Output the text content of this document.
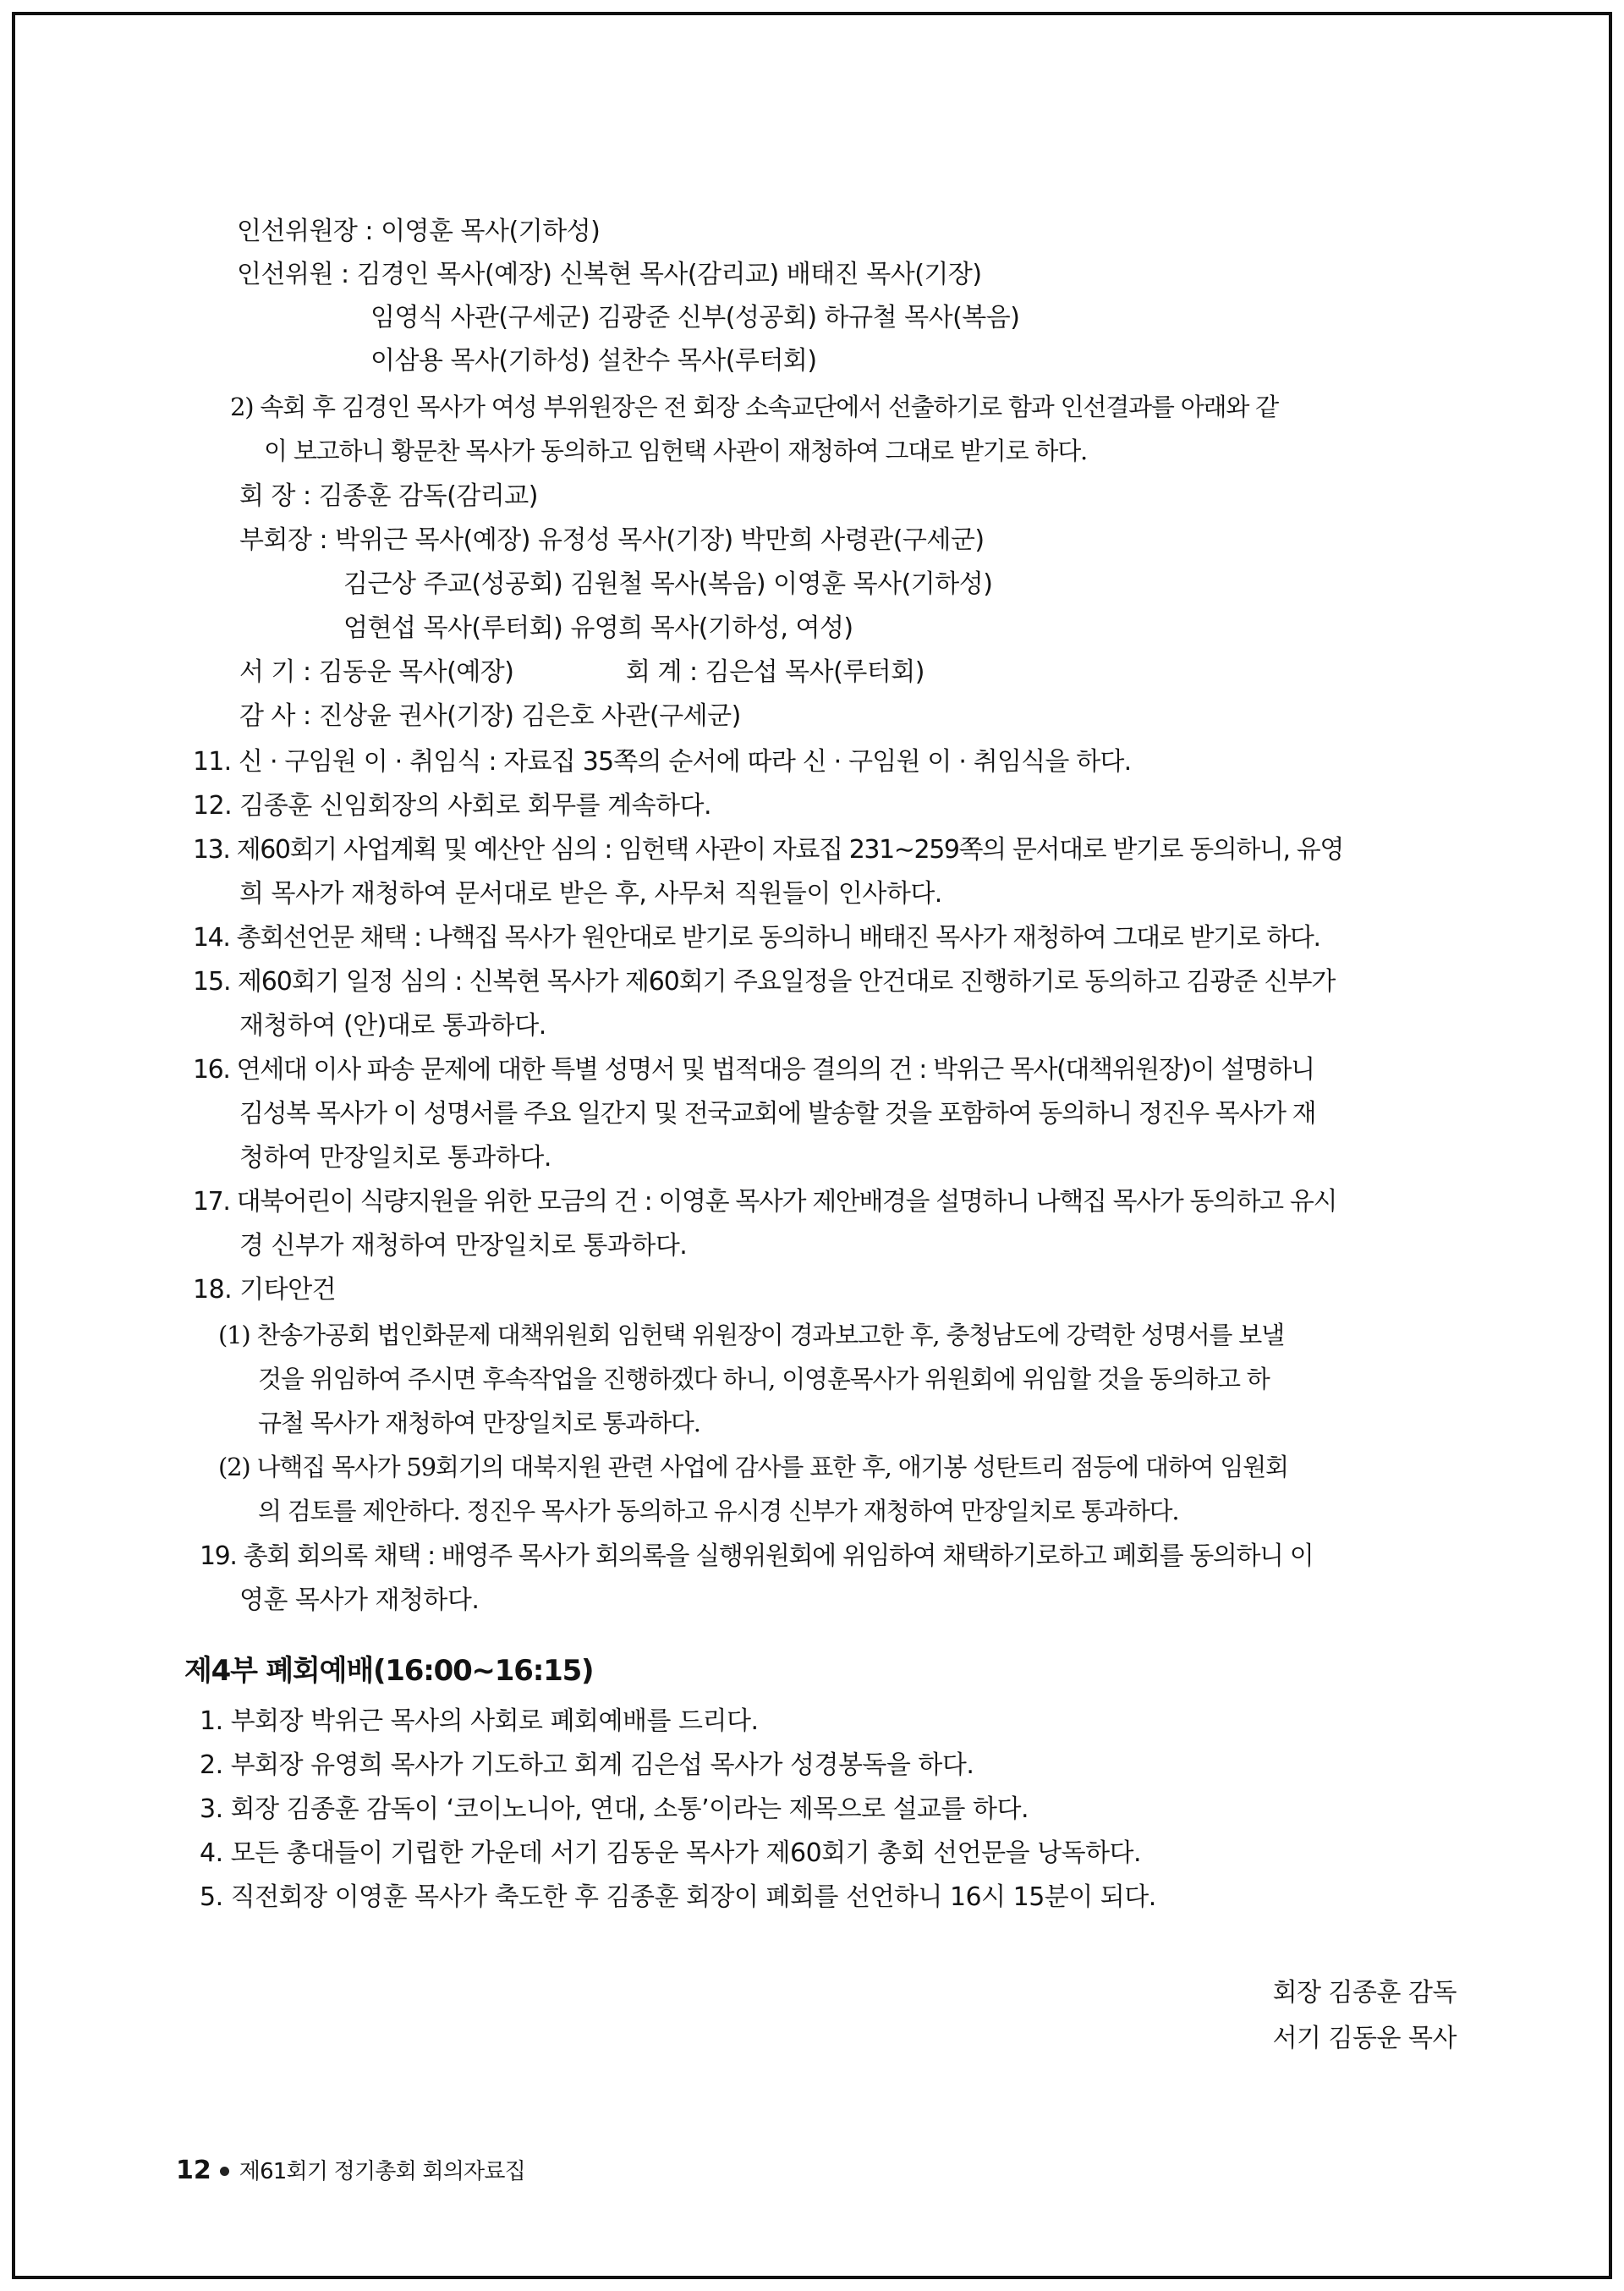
인선위원장 : 이영훈 목사(기하성)
인선위원 : 김경인 목사(예장) 신복현 목사(감리교) 배태진 목사(기장)
임영식 사관(구세군) 김광준 신부(성공회) 하규철 목사(복음)
이삼용 목사(기하성) 설찬수 목사(루터회)
2) 속회 후 김경인 목사가 여성 부위원장은 전 회장 소속교단에서 선출하기로 함과 인선결과를 아래와 같
이 보고하니 황문찬 목사가 동의하고 임헌택 사관이 재청하여 그대로 받기로 하다.
회 장 : 김종훈 감독(감리교)
부회장 : 박위근 목사(예장) 유정성 목사(기장) 박만희 사령관(구세군)
김근상 주교(성공회) 김원철 목사(복음) 이영훈 목사(기하성)
엄현섭 목사(루터회) 유영희 목사(기하성, 여성)
서 기 : 김동운 목사(예장)	회 계 : 김은섭 목사(루터회)
감 사 : 진상윤 권사(기장) 김은호 사관(구세군)
11. 신 · 구임원 이 · 취임식 : 자료집 35쪽의 순서에 따라 신 · 구임원 이 · 취임식을 하다.
12. 김종훈 신임회장의 사회로 회무를 계속하다.
13. 제60회기 사업계획 및 예산안 심의 : 임헌택 사관이 자료집 231∼259쪽의 문서대로 받기로 동의하니, 유영
희 목사가 재청하여 문서대로 받은 후, 사무처 직원들이 인사하다.
14. 총회선언문 채택 : 나핵집 목사가 원안대로 받기로 동의하니 배태진 목사가 재청하여 그대로 받기로 하다.
15. 제60회기 일정 심의 : 신복현 목사가 제60회기 주요일정을 안건대로 진행하기로 동의하고 김광준 신부가
재청하여 (안)대로 통과하다.
16. 연세대 이사 파송 문제에 대한 특별 성명서 및 법적대응 결의의 건 : 박위근 목사(대책위원장)이 설명하니
김성복 목사가 이 성명서를 주요 일간지 및 전국교회에 발송할 것을 포함하여 동의하니 정진우 목사가 재
청하여 만장일치로 통과하다.
17. 대북어린이 식량지원을 위한 모금의 건 : 이영훈 목사가 제안배경을 설명하니 나핵집 목사가 동의하고 유시
경 신부가 재청하여 만장일치로 통과하다.
18. 기타안건
(1) 찬송가공회 법인화문제 대책위원회 임헌택 위원장이 경과보고한 후, 충청남도에 강력한 성명서를 보낼
것을 위임하여 주시면 후속작업을 진행하겠다 하니, 이영훈목사가 위원회에 위임할 것을 동의하고 하
규철 목사가 재청하여 만장일치로 통과하다.
(2) 나핵집 목사가 59회기의 대북지원 관련 사업에 감사를 표한 후, 애기봉 성탄트리 점등에 대하여 임원회
의 검토를 제안하다. 정진우 목사가 동의하고 유시경 신부가 재청하여 만장일치로 통과하다.
19. 총회 회의록 채택 : 배영주 목사가 회의록을 실행위원회에 위임하여 채택하기로하고 폐회를 동의하니 이
영훈 목사가 재청하다.
제4부 폐회예배(16:00∼16:15)
1. 부회장 박위근 목사의 사회로 폐회예배를 드리다.
2. 부회장 유영희 목사가 기도하고 회계 김은섭 목사가 성경봉독을 하다.
3. 회장 김종훈 감독이 ‘코이노니아, 연대, 소통’이라는 제목으로 설교를 하다.
4. 모든 총대들이 기립한 가운데 서기 김동운 목사가 제60회기 총회 선언문을 낭독하다.
5. 직전회장 이영훈 목사가 축도한 후 김종훈 회장이 폐회를 선언하니 16시 15분이 되다.
회장 김종훈 감독
서기 김동운 목사
12 제61회기 정기총회 회의자료집
